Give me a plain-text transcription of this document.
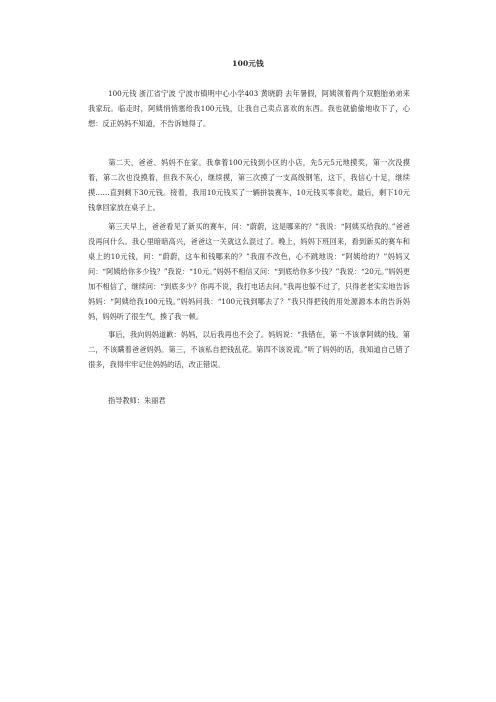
100元钱
100元钱 浙江省宁波 宁波市镇明中心小学403 黄晓蔚 去年暑假，阿姨领着两个双胞胎弟弟来我家玩。临走时，阿姨悄悄塞给我100元钱，让我自己卖点喜欢的东西。我也就偷偷地收下了，心想：反正妈妈不知道，不告诉她得了。
第二天，爸爸、妈妈不在家。我拿着100元钱到小区的小店，先5元5元地摸奖，第一次没摸着，第二次也没摸着，但我不灰心，继续摸，第三次摸了一支高级钢笔，这下，我信心十足，继续摸……直到剩下30元钱。接着，我用10元钱买了一辆拼装赛车，10元钱买零食吃。最后，剩下10元钱拿回家放在桌子上。
第三天早上，爸爸看见了新买的赛车，问：“蔚蔚，这是哪来的？”我说：“阿姨买给我的。”爸爸没再问什么。我心里暗暗高兴，爸爸这一关就这么混过了。晚上，妈妈下班回来，看到新买的赛车和桌上的10元钱，问：“蔚蔚，这车和钱哪来的？”我面不改色，心不跳地说：“阿姨给的？”妈妈又问：“阿姨给你多少钱？”我说：“10元。”妈妈不相信又问：“到底给你多少钱？”我说：“20元。”妈妈更加不相信了，继续问：“到底多少？你再不说，我打电话去问。”我再也躲不过了，只得老老实实地告诉妈妈：“阿姨给我100元钱。”妈妈问我：“100元钱到哪去了？”我只得把钱的用处源源本本的告诉妈妈，妈妈听了很生气，揍了我一顿。
事后，我向妈妈道歉：妈妈，以后我再也不会了。妈妈说：“我错在，第一不该拿阿姨的钱。第二，不该瞒着爸爸妈妈。第三，不该私自把钱乱花。第四不该说谎。”听了妈妈的话，我知道自己错了很多，我得牢牢记住妈妈的话，改正错误。
指导教师：朱丽君
